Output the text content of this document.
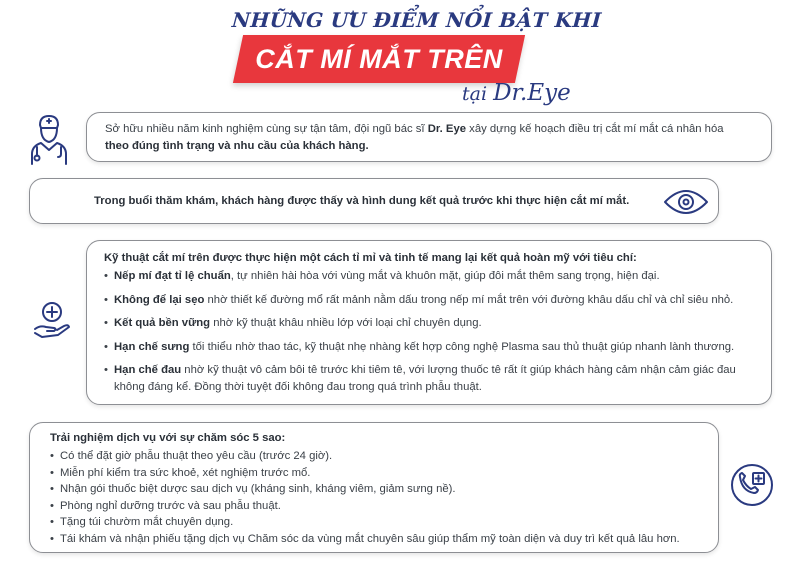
NHỮNG ƯU ĐIỂM NỔI BẬT KHI
CẮT MÍ MẮT TRÊN
tại Dr.Eye
Sở hữu nhiều năm kinh nghiệm cùng sự tận tâm, đội ngũ bác sĩ Dr. Eye xây dựng kế hoạch điều trị cắt mí mắt cá nhân hóa
theo đúng tình trạng và nhu cầu của khách hàng.
Trong buổi thăm khám, khách hàng được thấy và hình dung kết quả trước khi thực hiện cắt mí mắt.
Kỹ thuật cắt mí trên được thực hiện một cách tỉ mỉ và tinh tế mang lại kết quả hoàn mỹ với tiêu chí:
• Nếp mí đạt tỉ lệ chuẩn, tự nhiên hài hòa với vùng mắt và khuôn mặt, giúp đôi mắt thêm sang trọng, hiện đại.
• Không để lại sẹo nhờ thiết kế đường mổ rất mảnh nằm dấu trong nếp mí mắt trên với đường khâu dấu chỉ và chỉ siêu nhỏ.
• Kết quả bền vững nhờ kỹ thuật khâu nhiều lớp với loại chỉ chuyên dụng.
• Hạn chế sưng tối thiểu nhờ thao tác, kỹ thuật nhẹ nhàng kết hợp công nghệ Plasma sau thủ thuật giúp nhanh lành thương.
• Hạn chế đau nhờ kỹ thuật vô cảm bôi tê trước khi tiêm tê, với lượng thuốc tê rất ít giúp khách hàng cảm nhận cảm giác đau
không đáng kể. Đồng thời tuyệt đối không đau trong quá trình phẫu thuật.
Trải nghiệm dịch vụ với sự chăm sóc 5 sao:
• Có thể đặt giờ phẫu thuật theo yêu cầu (trước 24 giờ).
• Miễn phí kiểm tra sức khoẻ, xét nghiệm trước mổ.
• Nhận gói thuốc biệt dược sau dịch vụ (kháng sinh, kháng viêm, giảm sưng nề).
• Phòng nghỉ dưỡng trước và sau phẫu thuật.
• Tặng túi chườm mắt chuyên dụng.
• Tái khám và nhận phiếu tặng dịch vụ Chăm sóc da vùng mắt chuyên sâu giúp thẩm mỹ toàn diện và duy trì kết quả lâu hơn.
